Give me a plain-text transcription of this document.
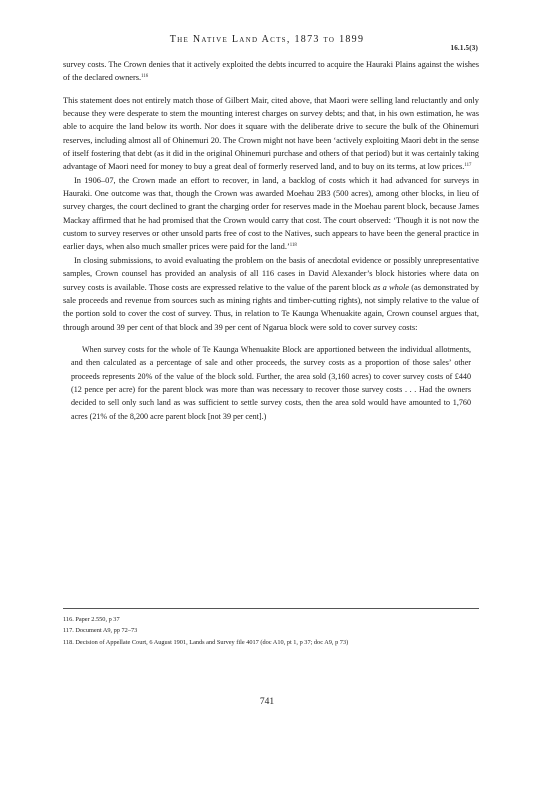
The Native Land Acts, 1873 to 1899
16.1.5(3)

survey costs. The Crown denies that it actively exploited the debts incurred to acquire the Hauraki Plains against the wishes of the declared owners.$^{116}$

This statement does not entirely match those of Gilbert Mair, cited above, that Maori were selling land reluctantly and only because they were desperate to stem the mounting interest charges on survey debts; and that, in his own estimation, he was able to acquire the land below its worth. Nor does it square with the deliberate drive to secure the bulk of the Ohinemuri reserves, including almost all of Ohinemuri 20. The Crown might not have been ‘actively exploiting Maori debt in the sense of itself fostering that debt (as it did in the original Ohinemuri purchase and others of that period) but it was certainly taking advantage of Maori need for money to buy a great deal of formerly reserved land, and to buy on its terms, at low prices.$^{117}$

In 1906–07, the Crown made an effort to recover, in land, a backlog of costs which it had advanced for surveys in Hauraki. One outcome was that, though the Crown was awarded Moehau 2B3 (500 acres), among other blocks, in lieu of survey charges, the court declined to grant the charging order for reserves made in the Moehau parent block, because James Mackay affirmed that he had promised that the Crown would carry that cost. The court observed: ‘Though it is not now the custom to survey reserves or other unsold parts free of cost to the Natives, such appears to have been the general practice in earlier days, when also much smaller prices were paid for the land.’$^{118}$

In closing submissions, to avoid evaluating the problem on the basis of anecdotal evidence or possibly unrepresentative samples, Crown counsel has provided an analysis of all 116 cases in David Alexander’s block histories where data on survey costs is available. Those costs are expressed relative to the value of the parent block as a whole (as demonstrated by sale proceeds and revenue from sources such as mining rights and timber-cutting rights), not simply relative to the value of the portion sold to cover the cost of survey. Thus, in relation to Te Kaunga Whenuakite again, Crown counsel argues that, through around 39 per cent of that block and 39 per cent of Ngarua block were sold to cover survey costs:

When survey costs for the whole of Te Kaunga Whenuakite Block are apportioned between the individual allotments, and then calculated as a percentage of sale and other proceeds, the survey costs as a proportion of those sales’ other proceeds represents 20% of the value of the block sold. Further, the area sold (3,160 acres) to cover survey costs of £440 (12 pence per acre) for the parent block was more than was necessary to recover those survey costs . . . Had the owners decided to sell only such land as was sufficient to settle survey costs, then the area sold would have amounted to 1,760 acres (21% of the 8,200 acre parent block [not 39 per cent].)
116. Paper 2.550, p 37
117. Document A9, pp 72–73
118. Decision of Appellate Court, 6 August 1901, Lands and Survey file 4017 (doc A10, pt 1, p 37; doc A9, p 73)
741
